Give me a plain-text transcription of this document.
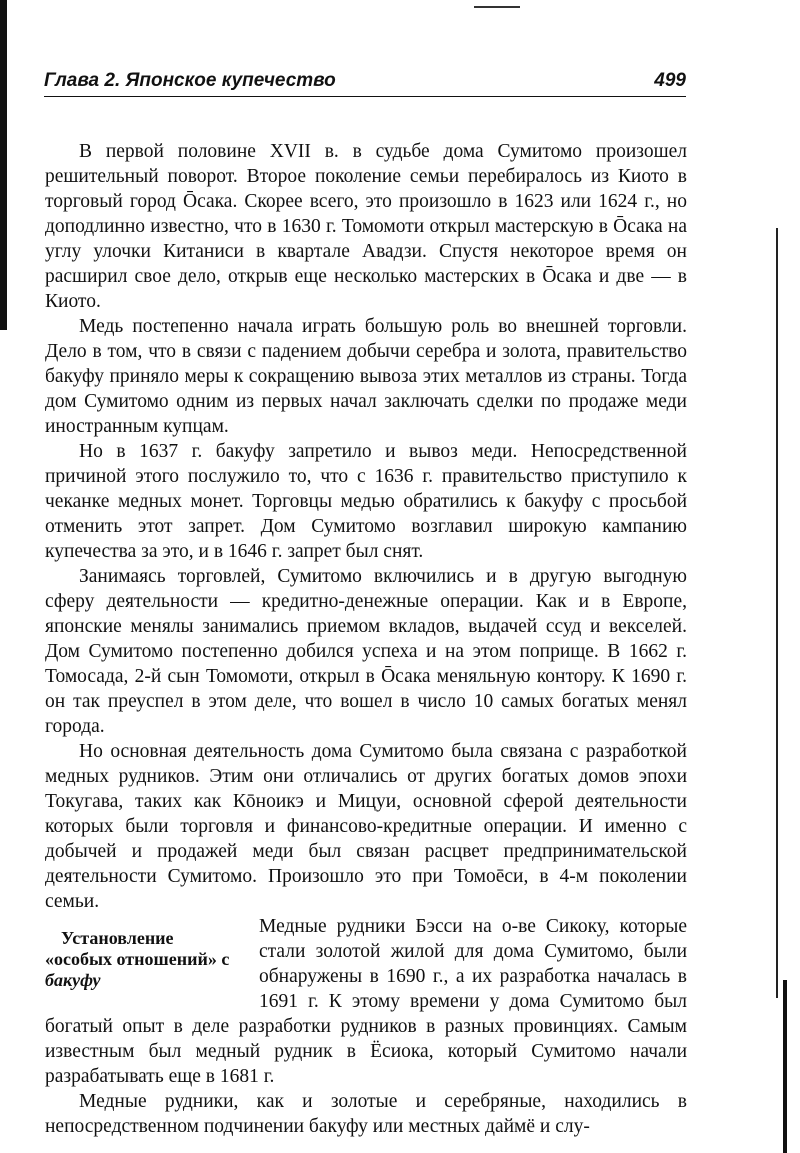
Глава 2. Японское купечество	499

В первой половине XVII в. в судьбе дома Сумитомо произошел решительный поворот. Второе поколение семьи перебиралось из Киото в торговый город Ōсака. Скорее всего, это произошло в 1623 или 1624 г., но доподлинно известно, что в 1630 г. Томомоти открыл мастерскую в Ōсака на углу улочки Китаниси в квартале Авадзи. Спустя некоторое время он расширил свое дело, открыв еще несколько мастерских в Ōсака и две — в Киото.

Медь постепенно начала играть большую роль во внешней торговли. Дело в том, что в связи с падением добычи серебра и золота, правительство бакуфу приняло меры к сокращению вывоза этих металлов из страны. Тогда дом Сумитомо одним из первых начал заключать сделки по продаже меди иностранным купцам.

Но в 1637 г. бакуфу запретило и вывоз меди. Непосредственной причиной этого послужило то, что с 1636 г. правительство приступило к чеканке медных монет. Торговцы медью обратились к бакуфу с просьбой отменить этот запрет. Дом Сумитомо возглавил широкую кампанию купечества за это, и в 1646 г. запрет был снят.

Занимаясь торговлей, Сумитомо включились и в другую выгодную сферу деятельности — кредитно-денежные операции. Как и в Европе, японские менялы занимались приемом вкладов, выдачей ссуд и векселей. Дом Сумитомо постепенно добился успеха и на этом поприще. В 1662 г. Томосада, 2-й сын Томомоти, открыл в Ōсака меняльную контору. К 1690 г. он так преуспел в этом деле, что вошел в число 10 самых богатых менял города.

Но основная деятельность дома Сумитомо была связана с разработкой медных рудников. Этим они отличались от других богатых домов эпохи Токугава, таких как Кōноикэ и Мицуи, основной сферой деятельности которых были торговля и финансово-кредитные операции. И именно с добычей и продажей меди был связан расцвет предпринимательской деятельности Сумитомо. Произошло это при Томоēси, в 4-м поколении семьи.

Установление «особых отношений» с бакуфу

Медные рудники Бэсси на о-ве Сикоку, которые стали золотой жилой для дома Сумитомо, были обнаружены в 1690 г., а их разработка началась в 1691 г. К этому времени у дома Сумитомо был богатый опыт в деле разработки рудников в разных провинциях. Самым известным был медный рудник в Ёсиока, который Сумитомо начали разрабатывать еще в 1681 г.

Медные рудники, как и золотые и серебряные, находились в непосредственном подчинении бакуфу или местных даймё и слу-
